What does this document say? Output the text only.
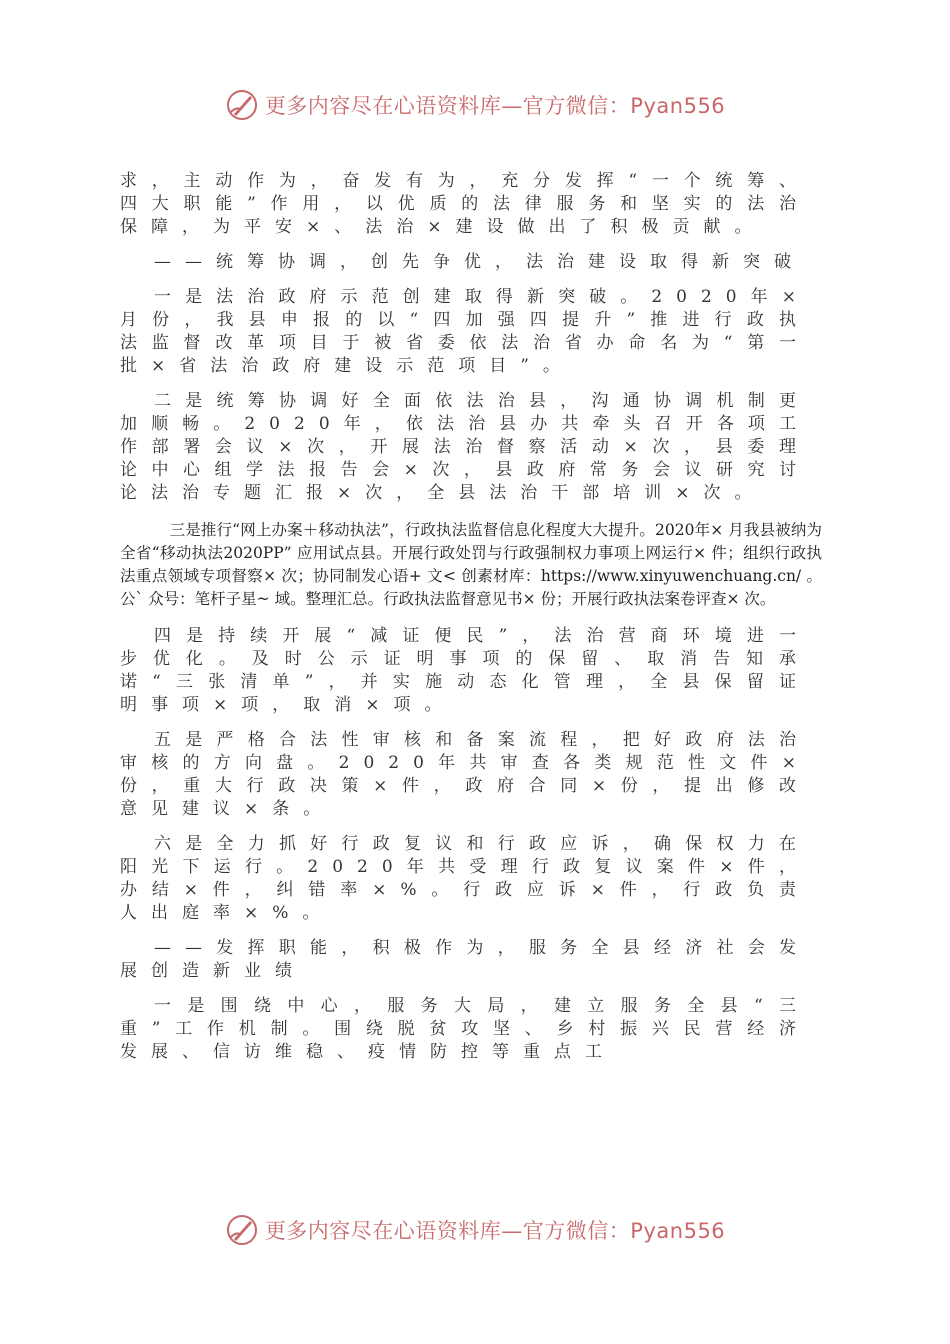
更多内容尽在心语资料库—官方微信：Pyan556

求，主动作为，奋发有为，充分发挥“一个统筹、四大职能”作用，以优质的法律服务和坚实的法治保障，为平安×、法治×建设做出了积极贡献。

——统筹协调，创先争优，法治建设取得新突破

一是法治政府示范创建取得新突破。2020年×月份，我县申报的以“四加强四提升”推进行政执法监督改革项目于被省委依法治省办命名为“第一批×省法治政府建设示范项目”。

二是统筹协调好全面依法治县，沟通协调机制更加顺畅。2020年，依法治县办共牵头召开各项工作部署会议×次，开展法治督察活动×次，县委理论中心组学法报告会×次，县政府常务会议研究讨论法治专题汇报×次，全县法治干部培训×次。

三是推行“网上办案＋移动执法”，行政执法监督信息化程度大大提升。2020年× 月我县被纳为全省“移动执法2020PP” 应用试点县。开展行政处罚与行政强制权力事项上网运行× 件；组织行政执法重点领域专项督察× 次；协同制发心语+ 文< 创素材库：https://www.xinyuwenchuang.cn/ 。公` 众号：笔杆子星~ 域。整理汇总。行政执法监督意见书× 份；开展行政执法案卷评查× 次。

四是持续开展“减证便民”，法治营商环境进一步优化。及时公示证明事项的保留、取消告知承诺“三张清单”，并实施动态化管理，全县保留证明事项×项，取消×项。

五是严格合法性审核和备案流程，把好政府法治审核的方向盘。2020年共审查各类规范性文件×份，重大行政决策×件，政府合同×份，提出修改意见建议×条。

六是全力抓好行政复议和行政应诉，确保权力在阳光下运行。2020年共受理行政复议案件×件，办结×件，纠错率×%。行政应诉×件，行政负责人出庭率×%。

——发挥职能，积极作为，服务全县经济社会发展创造新业绩

一是围绕中心，服务大局，建立服务全县“三重”工作机制。围绕脱贫攻坚、乡村振兴民营经济发展、信访维稳、疫情防控等重点工

更多内容尽在心语资料库—官方微信：Pyan556
